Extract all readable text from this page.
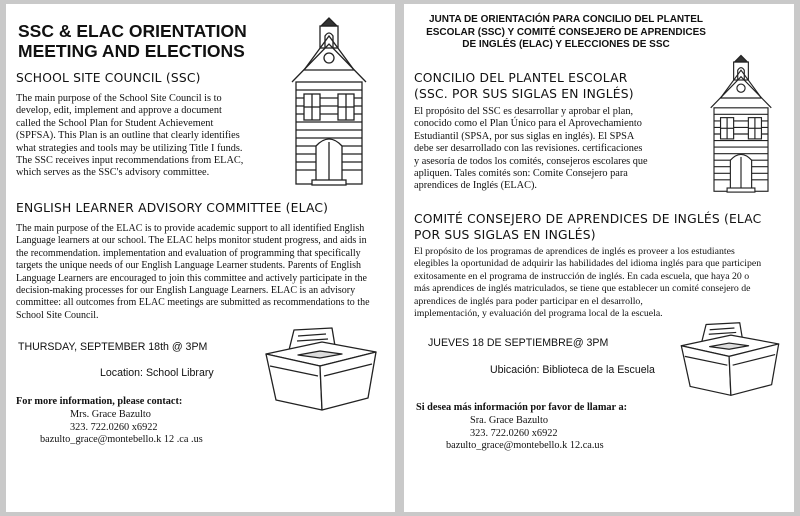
SSC & ELAC ORIENTATION
MEETING AND ELECTIONS
SCHOOL SITE COUNCIL (SSC)
The main purpose of the School Site Council is to
develop, edit, implement and approve a document
called the School Plan for Student Achievement
(SPFSA). This Plan is an outline that clearly identifies
what strategies and tools may be utilizing Title I funds.
The SSC receives input recommendations from ELAC,
which serves as the SSC's advisory committee.
ENGLISH LEARNER ADVISORY COMMITTEE (ELAC)
The main purpose of the ELAC is to provide academic support to all identified English
Language learners at our school. The ELAC helps monitor student progress, and aids in
the recommendation. implementation and evaluation of programming that specifically
targets the unique needs of our English Language Learner students. Parents of English
Language Learners are encouraged to join this committee and actively participate in the
decision-making processes for our English Language Learners. ELAC is an advisory
committee: all outcomes from ELAC meetings are submitted as recommendations to the
School Site Council.
THURSDAY, SEPTEMBER 18th @ 3PM
Location: School Library
For more information, please contact:
Mrs. Grace Bazulto
323. 722.0260 x6922
bazulto_grace@montebello.k 12 .ca .us
JUNTA DE ORIENTACIÓN PARA CONCILIO DEL PLANTEL
ESCOLAR (SSC) Y COMITÉ CONSEJERO DE APRENDICES
DE INGLÉS (ELAC) Y ELECCIONES DE SSC
CONCILIO DEL PLANTEL ESCOLAR
(SSC. POR SUS SIGLAS EN INGLÉS)
El propósito del SSC es desarrollar y aprobar el plan,
conocido como el Plan Único para el Aprovechamiento
Estudiantil (SPSA, por sus siglas en inglés). El SPSA
debe ser desarrollado con las revisiones. certificaciones
y asesoría de todos los comités, consejeros escolares que
apliquen. Tales comités son: Comite Consejero para
aprendices de Inglés (ELAC).
COMITÉ CONSEJERO DE APRENDICES DE INGLÉS (ELAC
POR SUS SIGLAS EN INGLÉS)
El propósito de los programas de aprendices de inglés es proveer a los estudiantes
elegibles la oportunidad de adquirir las habilidades del idioma inglés para que participen
exitosamente en el programa de instrucción de inglés. En cada escuela, que haya 20 o
más aprendices de inglés matriculados, se tiene que establecer un comité consejero de
aprendices de inglés para poder participar en el desarrollo,
implementación, y evaluación del programa local de la escuela.
JUEVES 18 DE SEPTIEMBRE@ 3PM
Ubicación: Biblioteca de la Escuela
Si desea más información por favor de llamar a:
Sra. Grace Bazulto
323. 722.0260 x6922
bazulto_grace@montebello.k 12.ca.us
